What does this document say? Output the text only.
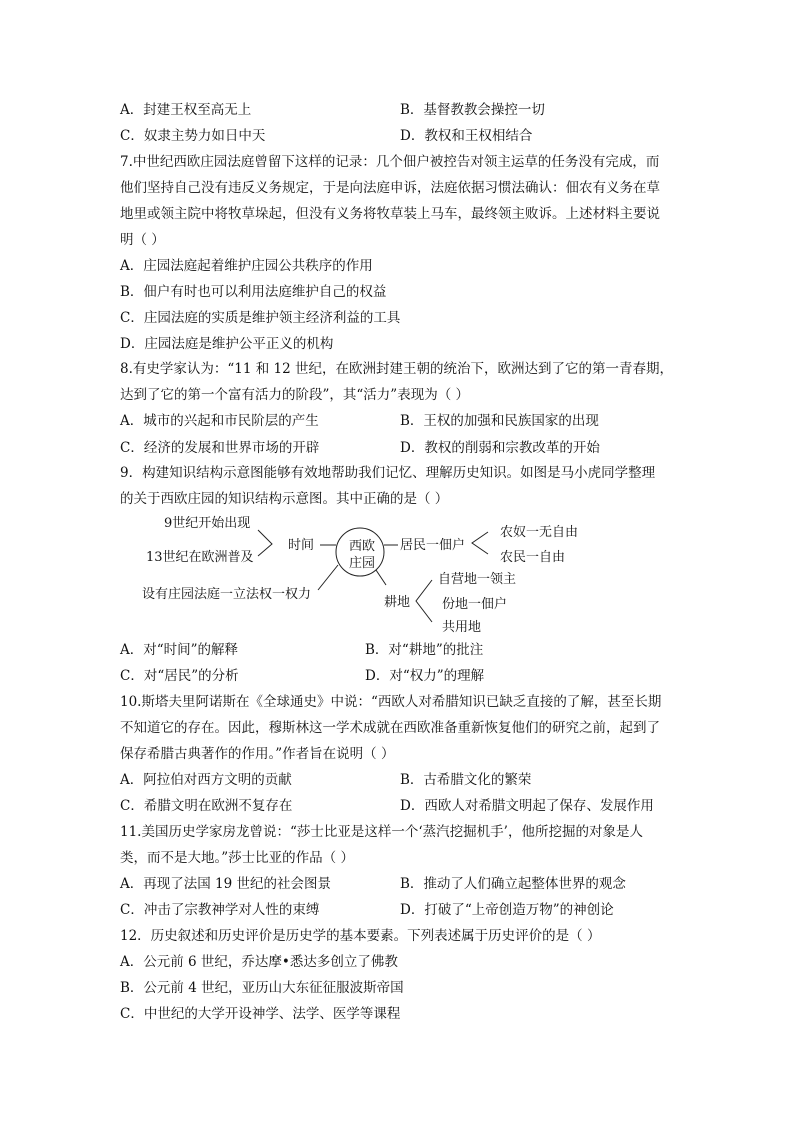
A．封建王权至高无上	B．基督教教会操控一切
C．奴隶主势力如日中天	D．教权和王权相结合
7.中世纪西欧庄园法庭曾留下这样的记录：几个佃户被控告对领主运草的任务没有完成，而
他们坚持自己没有违反义务规定，于是向法庭申诉，法庭依据习惯法确认：佃农有义务在草
地里或领主院中将牧草垛起，但没有义务将牧草装上马车，最终领主败诉。上述材料主要说
明（ ）
A．庄园法庭起着维护庄园公共秩序的作用
B．佃户有时也可以利用法庭维护自己的权益
C．庄园法庭的实质是维护领主经济利益的工具
D．庄园法庭是维护公平正义的机构
8.有史学家认为：“11 和 12 世纪，在欧洲封建王朝的统治下，欧洲达到了它的第一青春期，
达到了它的第一个富有活力的阶段”，其“活力”表现为（ ）
A．城市的兴起和市民阶层的产生	B．王权的加强和民族国家的出现
C．经济的发展和世界市场的开辟	D．教权的削弱和宗教改革的开始
9．构建知识结构示意图能够有效地帮助我们记忆、理解历史知识。如图是马小虎同学整理
的关于西欧庄园的知识结构示意图。其中正确的是（ ）
西欧
庄园
9世纪开始出现
13世纪在欧洲普及
时间
设有庄园法庭一立法权一权力
居民一佃户
农奴一无自由
农民一自由
耕地
自营地一领主
份地一佃户
共用地
A．对“时间”的解释	B．对“耕地”的批注
C．对“居民”的分析	D．对“权力”的理解
10.斯塔夫里阿诺斯在《全球通史》中说：“西欧人对希腊知识已缺乏直接的了解，甚至长期
不知道它的存在。因此，穆斯林这一学术成就在西欧准备重新恢复他们的研究之前，起到了
保存希腊古典著作的作用。”作者旨在说明（ ）
A．阿拉伯对西方文明的贡献	B．古希腊文化的繁荣
C．希腊文明在欧洲不复存在	D．西欧人对希腊文明起了保存、发展作用
11.美国历史学家房龙曾说：“莎士比亚是这样一个‘蒸汽挖掘机手’，他所挖掘的对象是人
类，而不是大地。”莎士比亚的作品（ ）
A．再现了法国 19 世纪的社会图景	B．推动了人们确立起整体世界的观念
C．冲击了宗教神学对人性的束缚	D．打破了“上帝创造万物”的神创论
12．历史叙述和历史评价是历史学的基本要素。下列表述属于历史评价的是（ ）
A．公元前 6 世纪，乔达摩•悉达多创立了佛教
B．公元前 4 世纪，亚历山大东征征服波斯帝国
C．中世纪的大学开设神学、法学、医学等课程
